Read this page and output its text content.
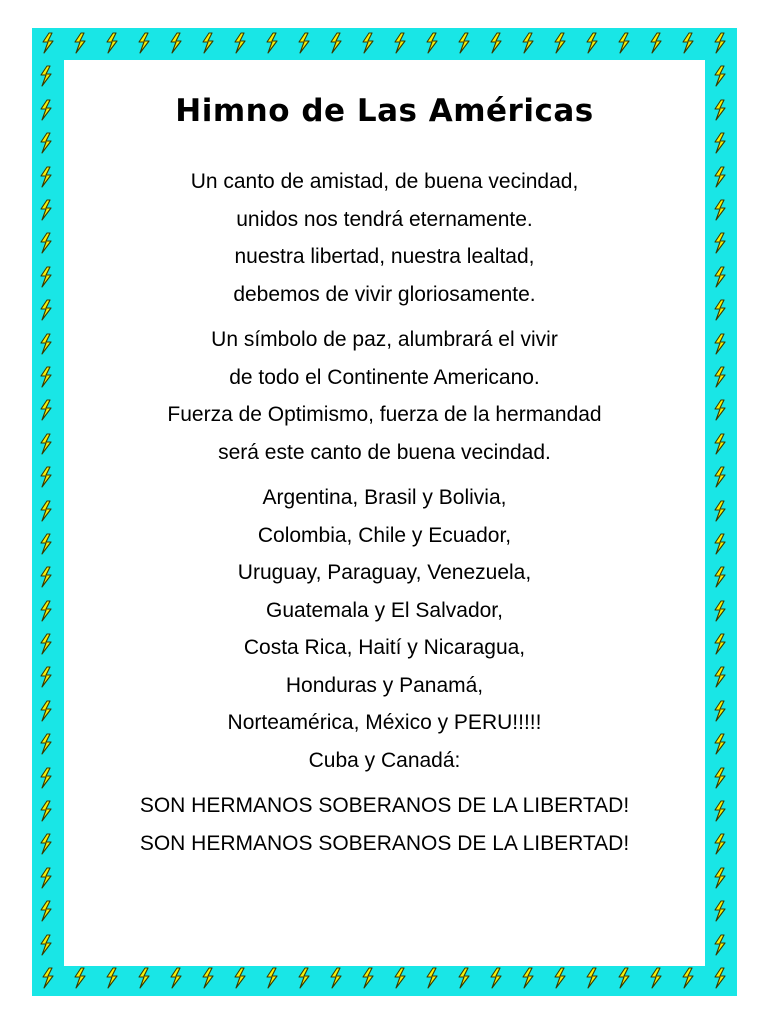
Himno de Las Américas
Un canto de amistad, de buena vecindad,
unidos nos tendrá eternamente.
nuestra libertad, nuestra lealtad,
debemos de vivir gloriosamente.
Un símbolo de paz, alumbrará el vivir
de todo el Continente Americano.
Fuerza de Optimismo, fuerza de la hermandad
será este canto de buena vecindad.
Argentina, Brasil y Bolivia,
Colombia, Chile y Ecuador,
Uruguay, Paraguay, Venezuela,
Guatemala y El Salvador,
Costa Rica, Haití y Nicaragua,
Honduras y Panamá,
Norteamérica, México y PERU!!!!!
Cuba y Canadá:
SON HERMANOS SOBERANOS DE LA LIBERTAD!
SON HERMANOS SOBERANOS DE LA LIBERTAD!
